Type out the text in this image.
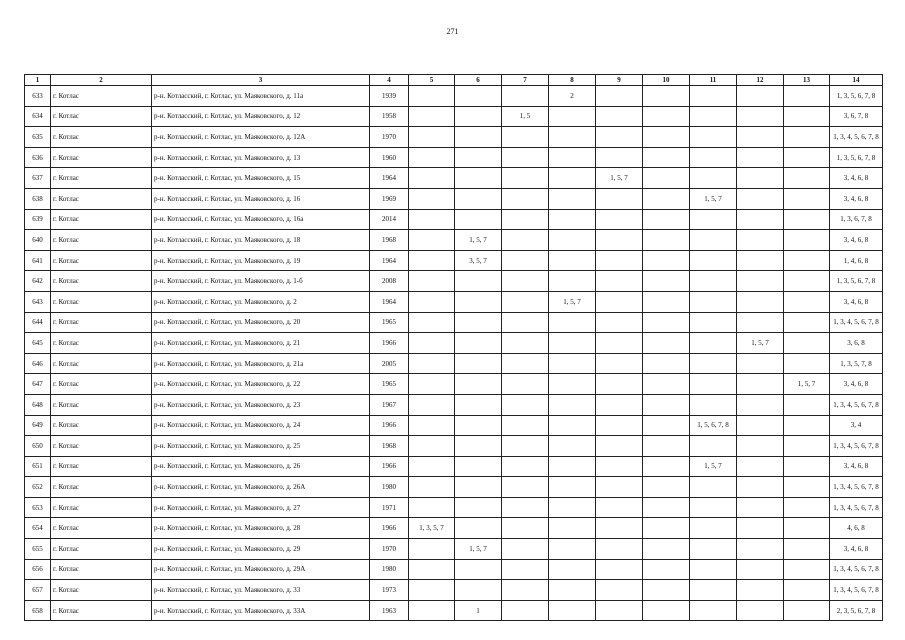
271
1	2	3	4	5	6	7	8	9	10	11	12	13	14
633	г. Котлас	р-н. Котласский, г. Котлас, ул. Маяковского, д. 11а	1939				2						1, 3, 5, 6, 7, 8
634	г. Котлас	р-н. Котласский, г. Котлас, ул. Маяковского, д. 12	1958			1, 5							3, 6, 7, 8
635	г. Котлас	р-н. Котласский, г. Котлас, ул. Маяковского, д. 12А	1970										1, 3, 4, 5, 6, 7, 8
636	г. Котлас	р-н. Котласский, г. Котлас, ул. Маяковского, д. 13	1960										1, 3, 5, 6, 7, 8
637	г. Котлас	р-н. Котласский, г. Котлас, ул. Маяковского, д. 15	1964					1, 5, 7					3, 4, 6, 8
638	г. Котлас	р-н. Котласский, г. Котлас, ул. Маяковского, д. 16	1969							1, 5, 7			3, 4, 6, 8
639	г. Котлас	р-н. Котласский, г. Котлас, ул. Маяковского, д. 16а	2014										1, 3, 6, 7, 8
640	г. Котлас	р-н. Котласский, г. Котлас, ул. Маяковского, д. 18	1968		1, 5, 7								3, 4, 6, 8
641	г. Котлас	р-н. Котласский, г. Котлас, ул. Маяковского, д. 19	1964		3, 5, 7								1, 4, 6, 8
642	г. Котлас	р-н. Котласский, г. Котлас, ул. Маяковского, д. 1-б	2008										1, 3, 5, 6, 7, 8
643	г. Котлас	р-н. Котласский, г. Котлас, ул. Маяковского, д. 2	1964				1, 5, 7						3, 4, 6, 8
644	г. Котлас	р-н. Котласский, г. Котлас, ул. Маяковского, д. 20	1965										1, 3, 4, 5, 6, 7, 8
645	г. Котлас	р-н. Котласский, г. Котлас, ул. Маяковского, д. 21	1966								1, 5, 7		3, 6, 8
646	г. Котлас	р-н. Котласский, г. Котлас, ул. Маяковского, д. 21а	2005										1, 3, 5, 7, 8
647	г. Котлас	р-н. Котласский, г. Котлас, ул. Маяковского, д. 22	1965									1, 5, 7	3, 4, 6, 8
648	г. Котлас	р-н. Котласский, г. Котлас, ул. Маяковского, д. 23	1967										1, 3, 4, 5, 6, 7, 8
649	г. Котлас	р-н. Котласский, г. Котлас, ул. Маяковского, д. 24	1966							1, 5, 6, 7, 8			3, 4
650	г. Котлас	р-н. Котласский, г. Котлас, ул. Маяковского, д. 25	1968										1, 3, 4, 5, 6, 7, 8
651	г. Котлас	р-н. Котласский, г. Котлас, ул. Маяковского, д. 26	1966							1, 5, 7			3, 4, 6, 8
652	г. Котлас	р-н. Котласский, г. Котлас, ул. Маяковского, д. 26А	1980										1, 3, 4, 5, 6, 7, 8
653	г. Котлас	р-н. Котласский, г. Котлас, ул. Маяковского, д. 27	1971										1, 3, 4, 5, 6, 7, 8
654	г. Котлас	р-н. Котласский, г. Котлас, ул. Маяковского, д. 28	1966	1, 3, 5, 7									4, 6, 8
655	г. Котлас	р-н. Котласский, г. Котлас, ул. Маяковского, д. 29	1970		1, 5, 7								3, 4, 6, 8
656	г. Котлас	р-н. Котласский, г. Котлас, ул. Маяковского, д. 29А	1980										1, 3, 4, 5, 6, 7, 8
657	г. Котлас	р-н. Котласский, г. Котлас, ул. Маяковского, д. 33	1973										1, 3, 4, 5, 6, 7, 8
658	г. Котлас	р-н. Котласский, г. Котлас, ул. Маяковского, д. 33А	1963		1								2, 3, 5, 6, 7, 8
